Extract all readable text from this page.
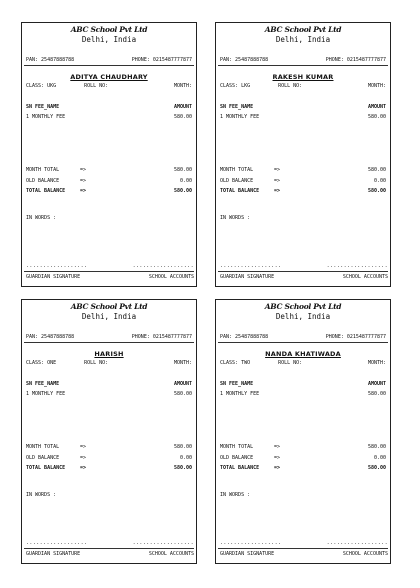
ABC School Pvt Ltd
Delhi, India
PAN: 25487888788	PHONE: 0215487777877
ADITYA CHAUDHARY
CLASS: UKG	ROLL NO:	MONTH:
SN FEE_NAME	AMOUNT
1 MONTHLY FEE	580.00
MONTH TOTAL	=>	580.00
OLD BALANCE	=>	0.00
TOTAL BALANCE	=>	580.00
IN WORDS :
..................	..................
GUARDIAN SIGNATURE	SCHOOL ACCOUNTS
ABC School Pvt Ltd
Delhi, India
PAN: 25487888788	PHONE: 0215487777877
RAKESH KUMAR
CLASS: LKG	ROLL NO:	MONTH:
SN FEE_NAME	AMOUNT
1 MONTHLY FEE	580.00
MONTH TOTAL	=>	580.00
OLD BALANCE	=>	0.00
TOTAL BALANCE	=>	580.00
IN WORDS :
..................	..................
GUARDIAN SIGNATURE	SCHOOL ACCOUNTS
ABC School Pvt Ltd
Delhi, India
PAN: 25487888788	PHONE: 0215487777877
HARISH
CLASS: ONE	ROLL NO:	MONTH:
SN FEE_NAME	AMOUNT
1 MONTHLY FEE	580.00
MONTH TOTAL	=>	580.00
OLD BALANCE	=>	0.00
TOTAL BALANCE	=>	580.00
IN WORDS :
..................	..................
GUARDIAN SIGNATURE	SCHOOL ACCOUNTS
ABC School Pvt Ltd
Delhi, India
PAN: 25487888788	PHONE: 0215487777877
NANDA KHATIWADA
CLASS: TWO	ROLL NO:	MONTH:
SN FEE_NAME	AMOUNT
1 MONTHLY FEE	580.00
MONTH TOTAL	=>	580.00
OLD BALANCE	=>	0.00
TOTAL BALANCE	=>	580.00
IN WORDS :
..................	..................
GUARDIAN SIGNATURE	SCHOOL ACCOUNTS
